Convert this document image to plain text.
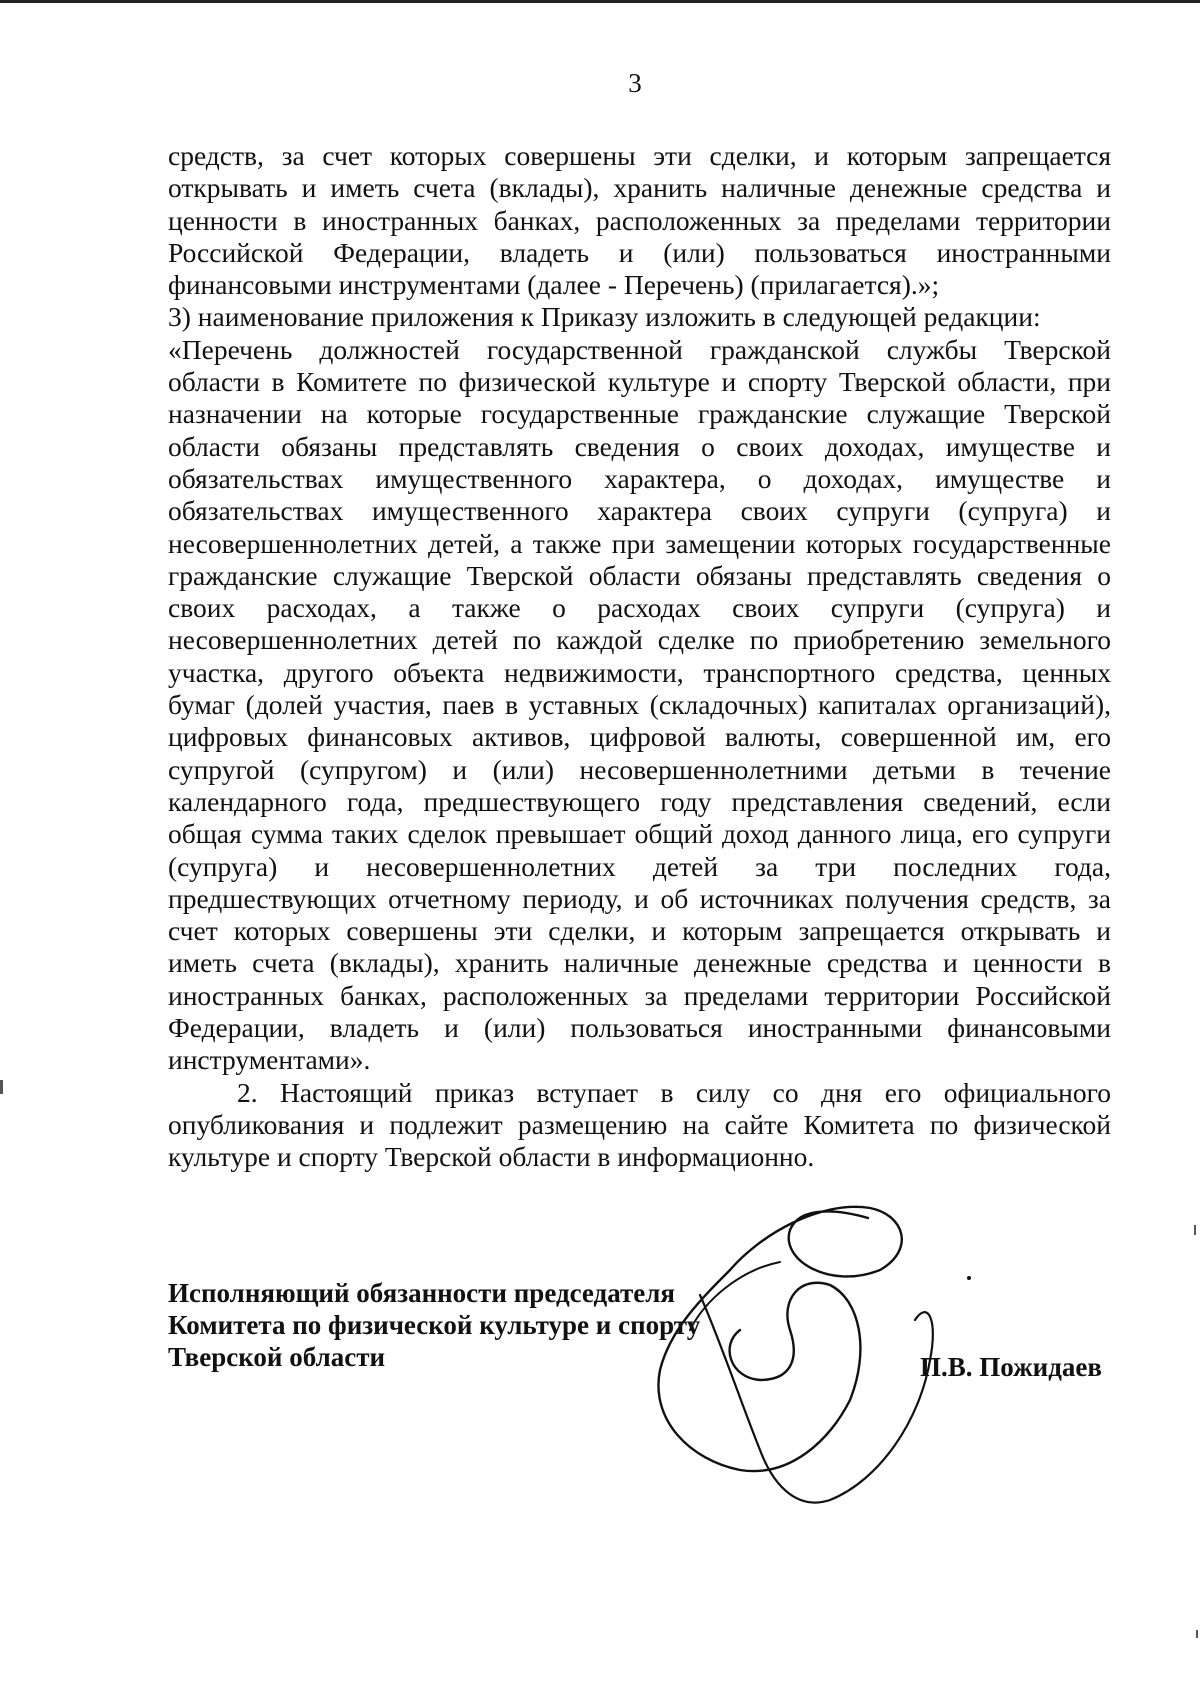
3
средств, за счет которых совершены эти сделки, и которым запрещается
открывать и иметь счета (вклады), хранить наличные денежные средства и
ценности в иностранных банках, расположенных за пределами территории
Российской Федерации, владеть и (или) пользоваться иностранными
финансовыми инструментами (далее - Перечень) (прилагается).»;
3) наименование приложения к Приказу изложить в следующей редакции:
«Перечень должностей государственной гражданской службы Тверской
области в Комитете по физической культуре и спорту Тверской области, при
назначении на которые государственные гражданские служащие Тверской
области обязаны представлять сведения о своих доходах, имуществе и
обязательствах имущественного характера, о доходах, имуществе и
обязательствах имущественного характера своих супруги (супруга) и
несовершеннолетних детей, а также при замещении которых государственные
гражданские служащие Тверской области обязаны представлять сведения о
своих расходах, а также о расходах своих супруги (супруга) и
несовершеннолетних детей по каждой сделке по приобретению земельного
участка, другого объекта недвижимости, транспортного средства, ценных
бумаг (долей участия, паев в уставных (складочных) капиталах организаций),
цифровых финансовых активов, цифровой валюты, совершенной им, его
супругой (супругом) и (или) несовершеннолетними детьми в течение
календарного года, предшествующего году представления сведений, если
общая сумма таких сделок превышает общий доход данного лица, его супруги
(супруга) и несовершеннолетних детей за три последних года,
предшествующих отчетному периоду, и об источниках получения средств, за
счет которых совершены эти сделки, и которым запрещается открывать и
иметь счета (вклады), хранить наличные денежные средства и ценности в
иностранных банках, расположенных за пределами территории Российской
Федерации, владеть и (или) пользоваться иностранными финансовыми
инструментами».
2. Настоящий приказ вступает в силу со дня его официального
опубликования и подлежит размещению на сайте Комитета по физической
культуре и спорту Тверской области в информационно.
Исполняющий обязанности председателя
Комитета по физической культуре и спорту
Тверской области	П.В. Пожидаев
